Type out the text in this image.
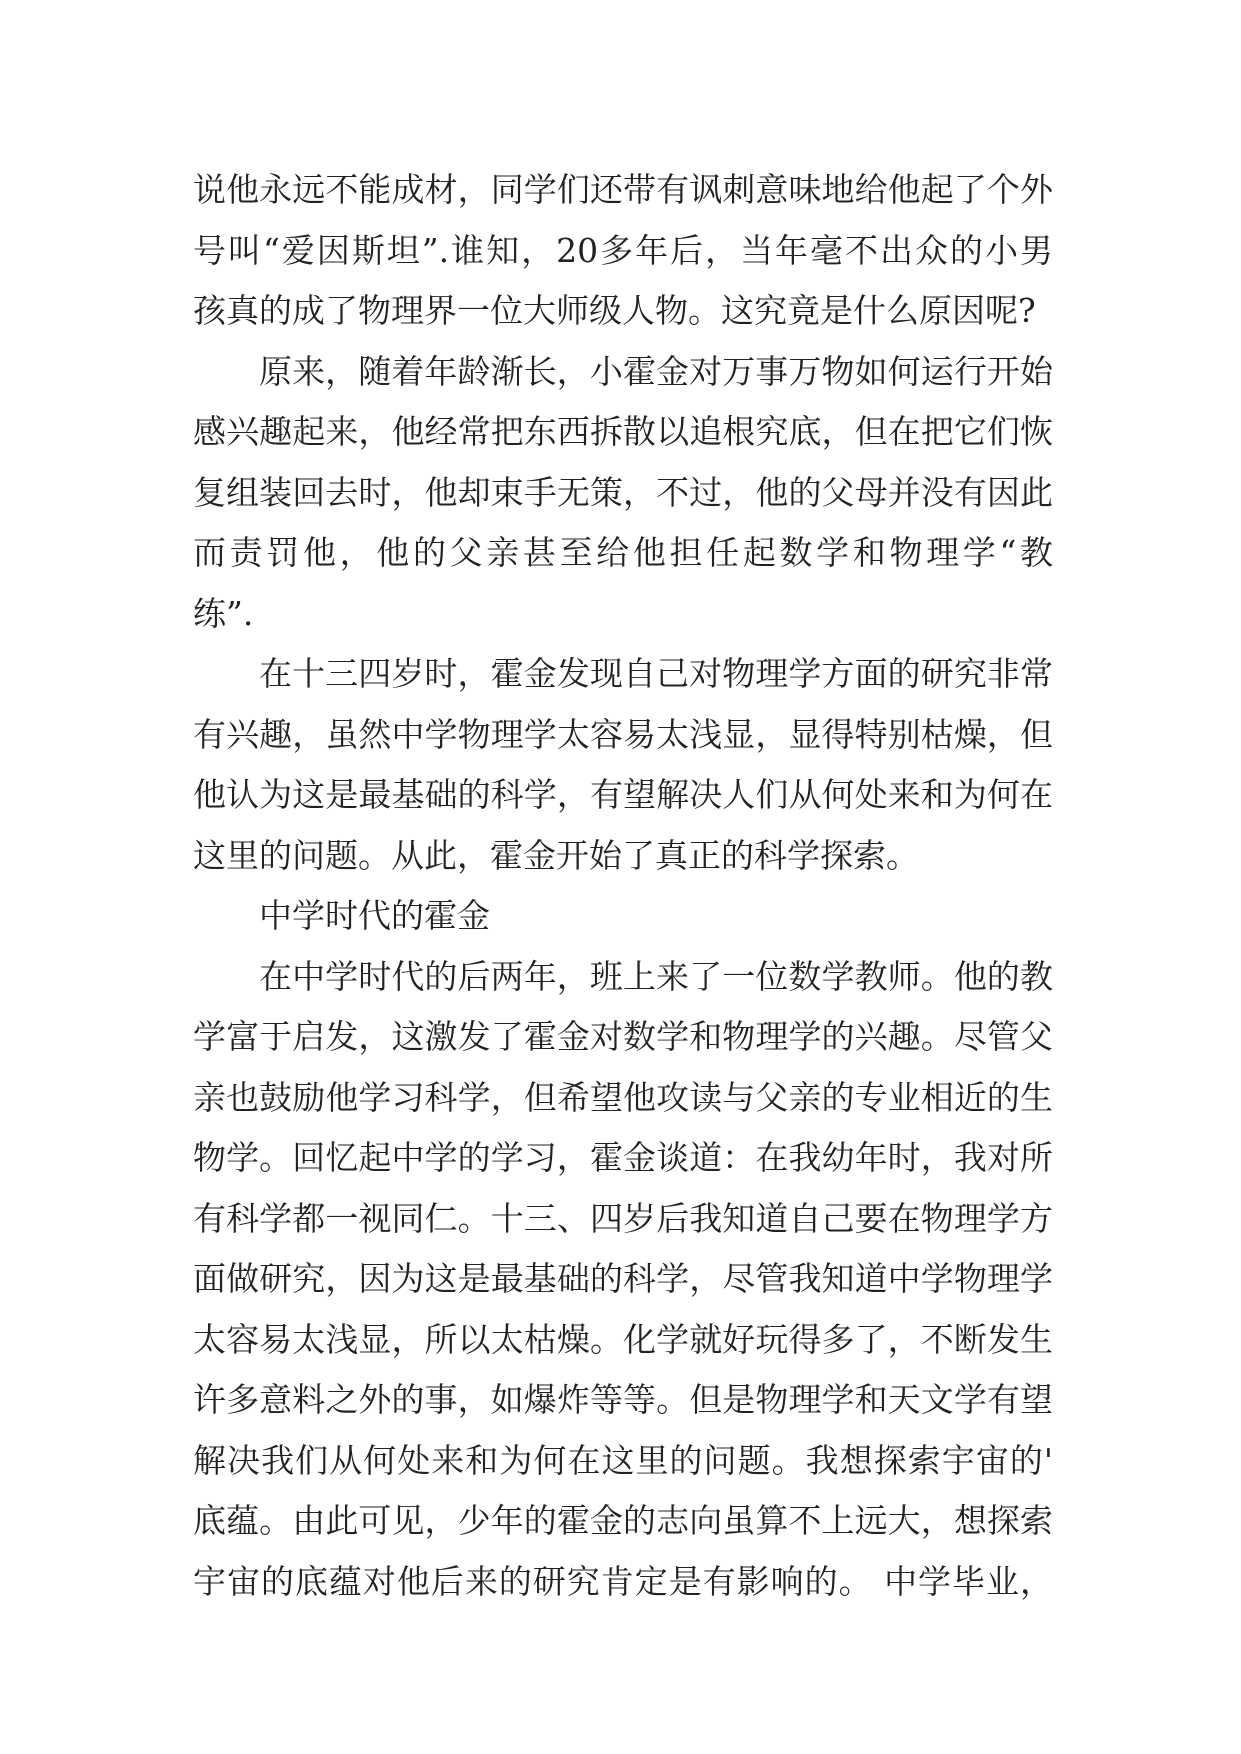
说他永远不能成材，同学们还带有讽刺意味地给他起了个外
号叫“爱因斯坦”.谁知，20多年后，当年毫不出众的小男
孩真的成了物理界一位大师级人物。这究竟是什么原因呢?
原来，随着年龄渐长，小霍金对万事万物如何运行开始
感兴趣起来，他经常把东西拆散以追根究底，但在把它们恢
复组装回去时，他却束手无策，不过，他的父母并没有因此
而责罚他，他的父亲甚至给他担任起数学和物理学“教
练”.
在十三四岁时，霍金发现自己对物理学方面的研究非常
有兴趣，虽然中学物理学太容易太浅显，显得特别枯燥，但
他认为这是最基础的科学，有望解决人们从何处来和为何在
这里的问题。从此，霍金开始了真正的科学探索。
中学时代的霍金
在中学时代的后两年，班上来了一位数学教师。他的教
学富于启发，这激发了霍金对数学和物理学的兴趣。尽管父
亲也鼓励他学习科学，但希望他攻读与父亲的专业相近的生
物学。回忆起中学的学习，霍金谈道：在我幼年时，我对所
有科学都一视同仁。十三、四岁后我知道自己要在物理学方
面做研究，因为这是最基础的科学，尽管我知道中学物理学
太容易太浅显，所以太枯燥。化学就好玩得多了，不断发生
许多意料之外的事，如爆炸等等。但是物理学和天文学有望
解决我们从何处来和为何在这里的问题。我想探索宇宙的'
底蕴。由此可见，少年的霍金的志向虽算不上远大，想探索
宇宙的底蕴对他后来的研究肯定是有影响的。 中学毕业，
